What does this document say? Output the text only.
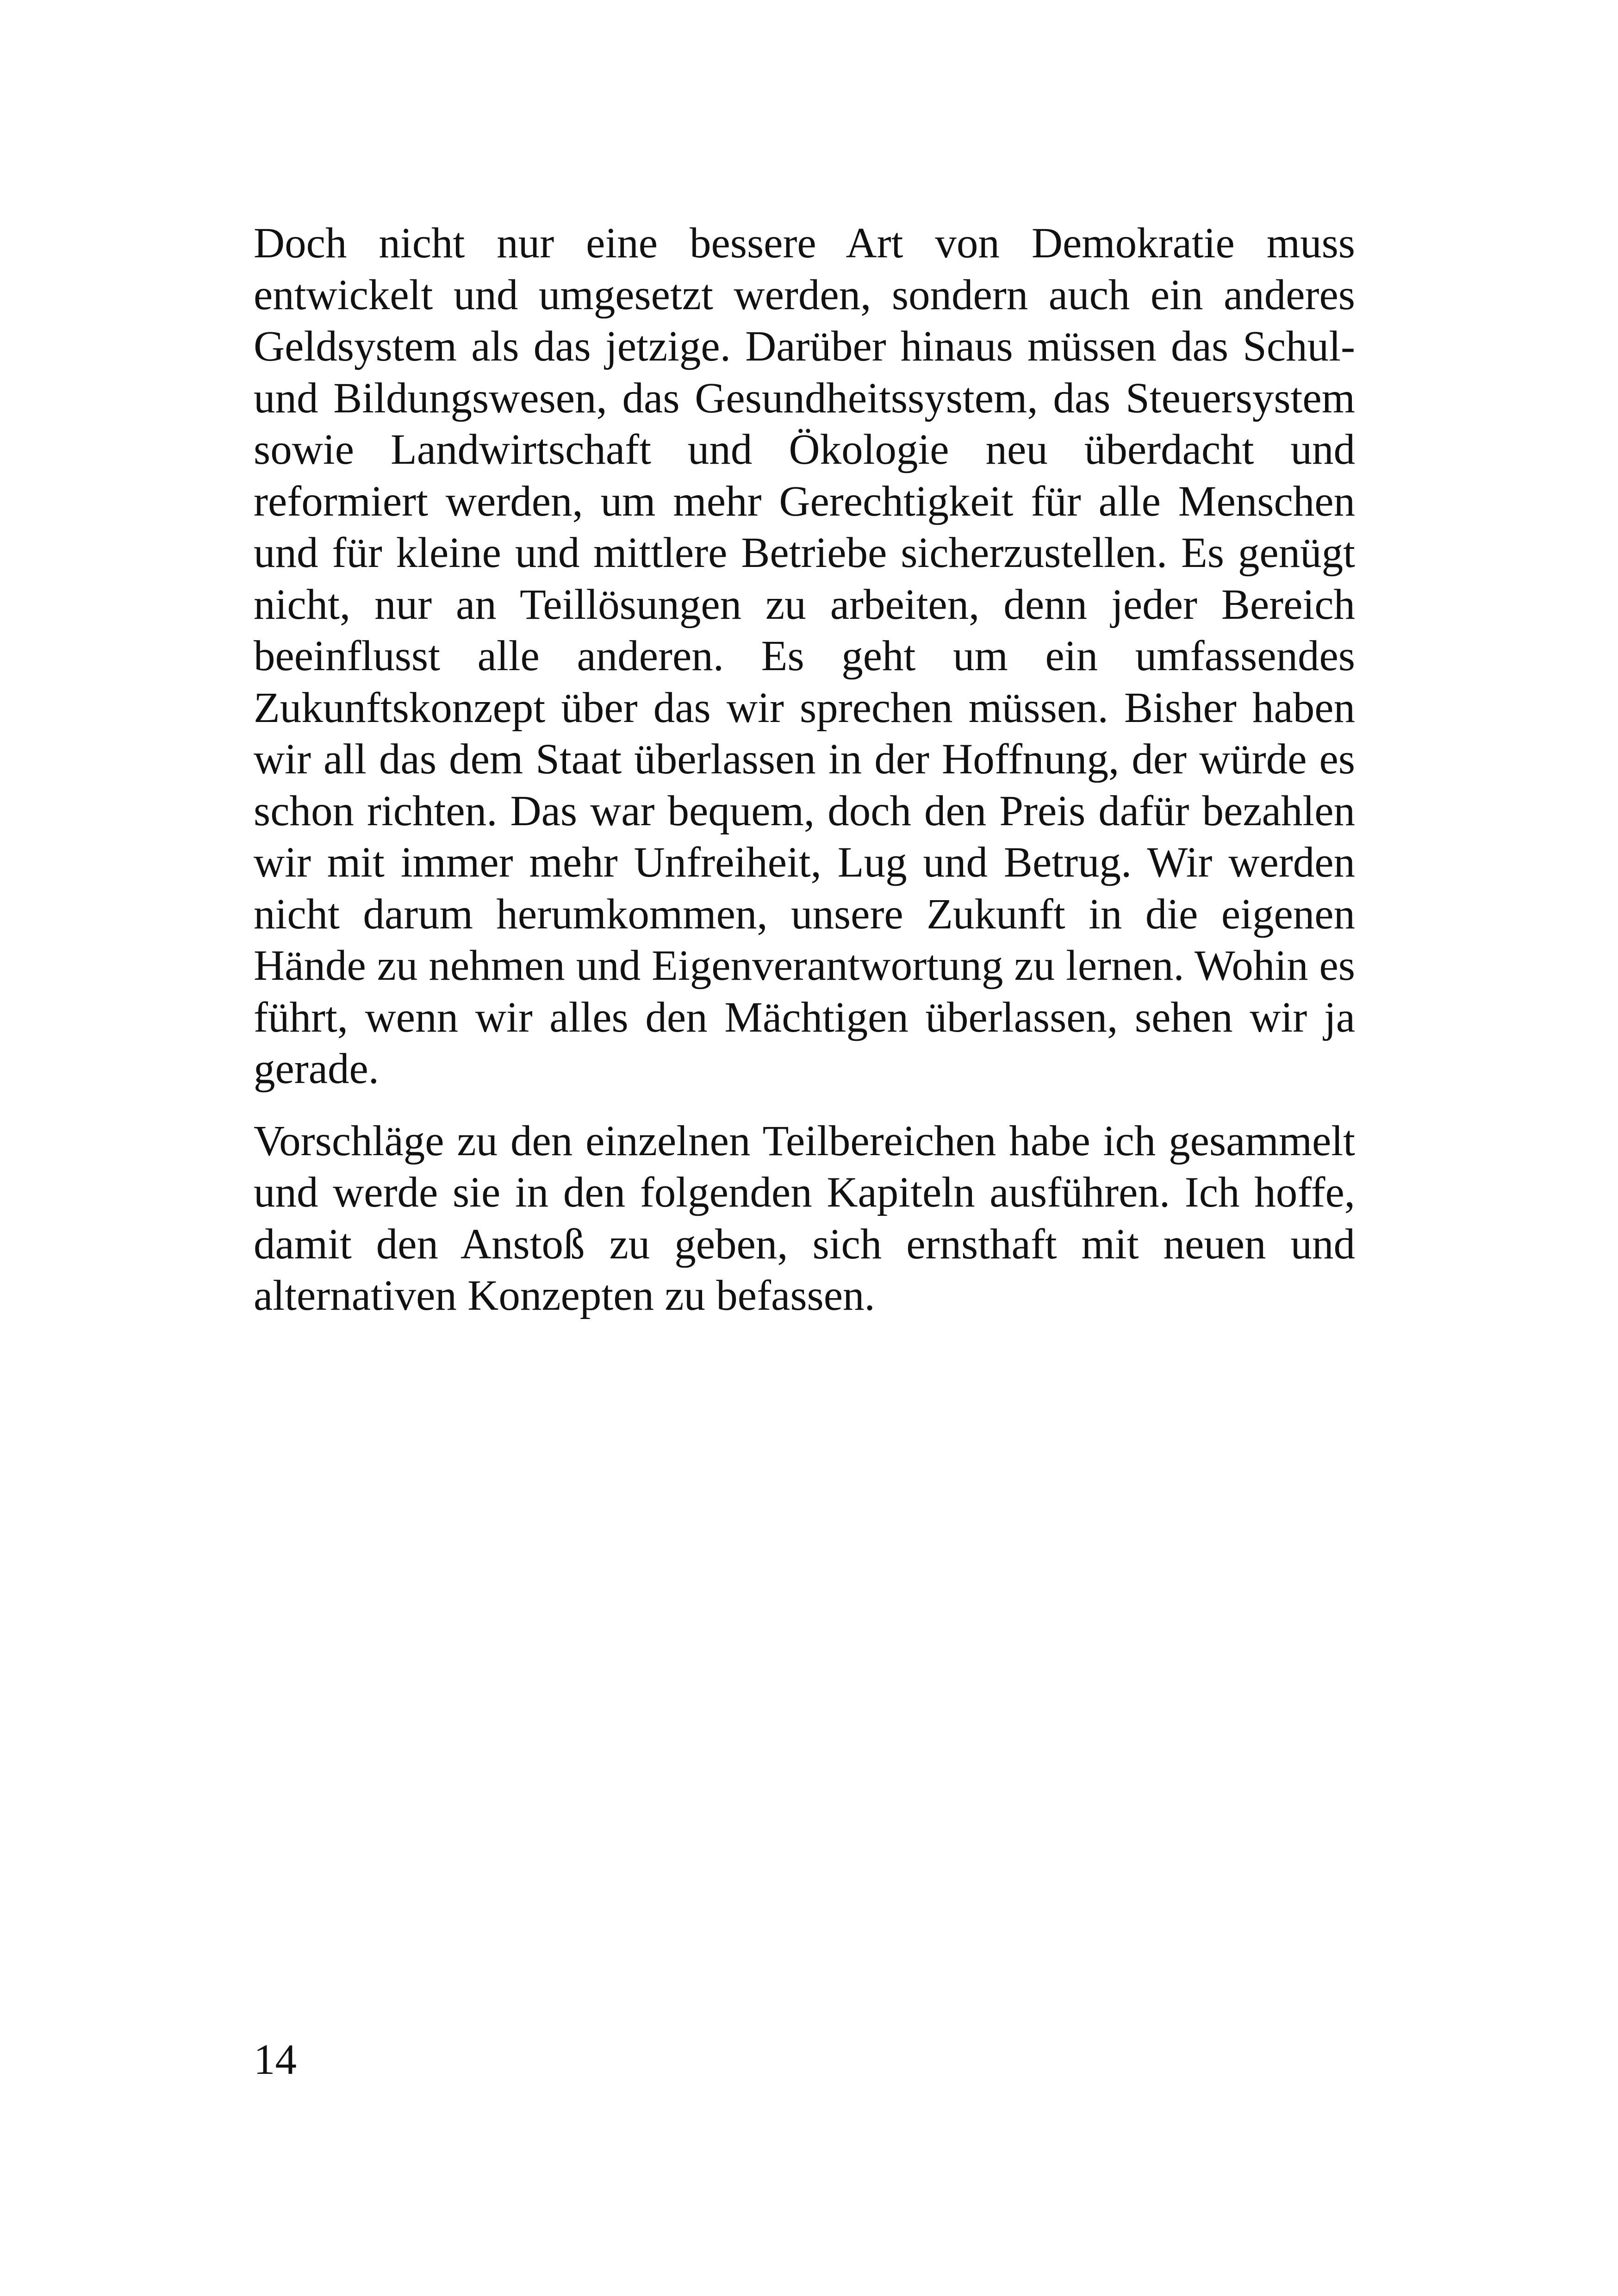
Doch nicht nur eine bessere Art von Demokratie muss entwickelt und umgesetzt werden, sondern auch ein anderes Geldsystem als das jetzige. Darüber hinaus müssen das Schul- und Bildungswesen, das Gesundheitssystem, das Steuersystem sowie Landwirtschaft und Ökologie neu überdacht und reformiert werden, um mehr Gerechtigkeit für alle Menschen und für kleine und mittlere Betriebe sicherzustellen. Es genügt nicht, nur an Teillösungen zu arbeiten, denn jeder Bereich beeinflusst alle anderen. Es geht um ein umfassendes Zukunftskonzept über das wir sprechen müssen. Bisher haben wir all das dem Staat überlassen in der Hoffnung, der würde es schon richten. Das war bequem, doch den Preis dafür bezahlen wir mit immer mehr Unfreiheit, Lug und Betrug. Wir werden nicht darum herumkommen, unsere Zukunft in die eigenen Hände zu nehmen und Eigenverantwortung zu lernen. Wohin es führt, wenn wir alles den Mächtigen überlassen, sehen wir ja gerade.

Vorschläge zu den einzelnen Teilbereichen habe ich gesammelt und werde sie in den folgenden Kapiteln ausführen. Ich hoffe, damit den Anstoß zu geben, sich ernsthaft mit neuen und alternativen Konzepten zu befassen.

14
